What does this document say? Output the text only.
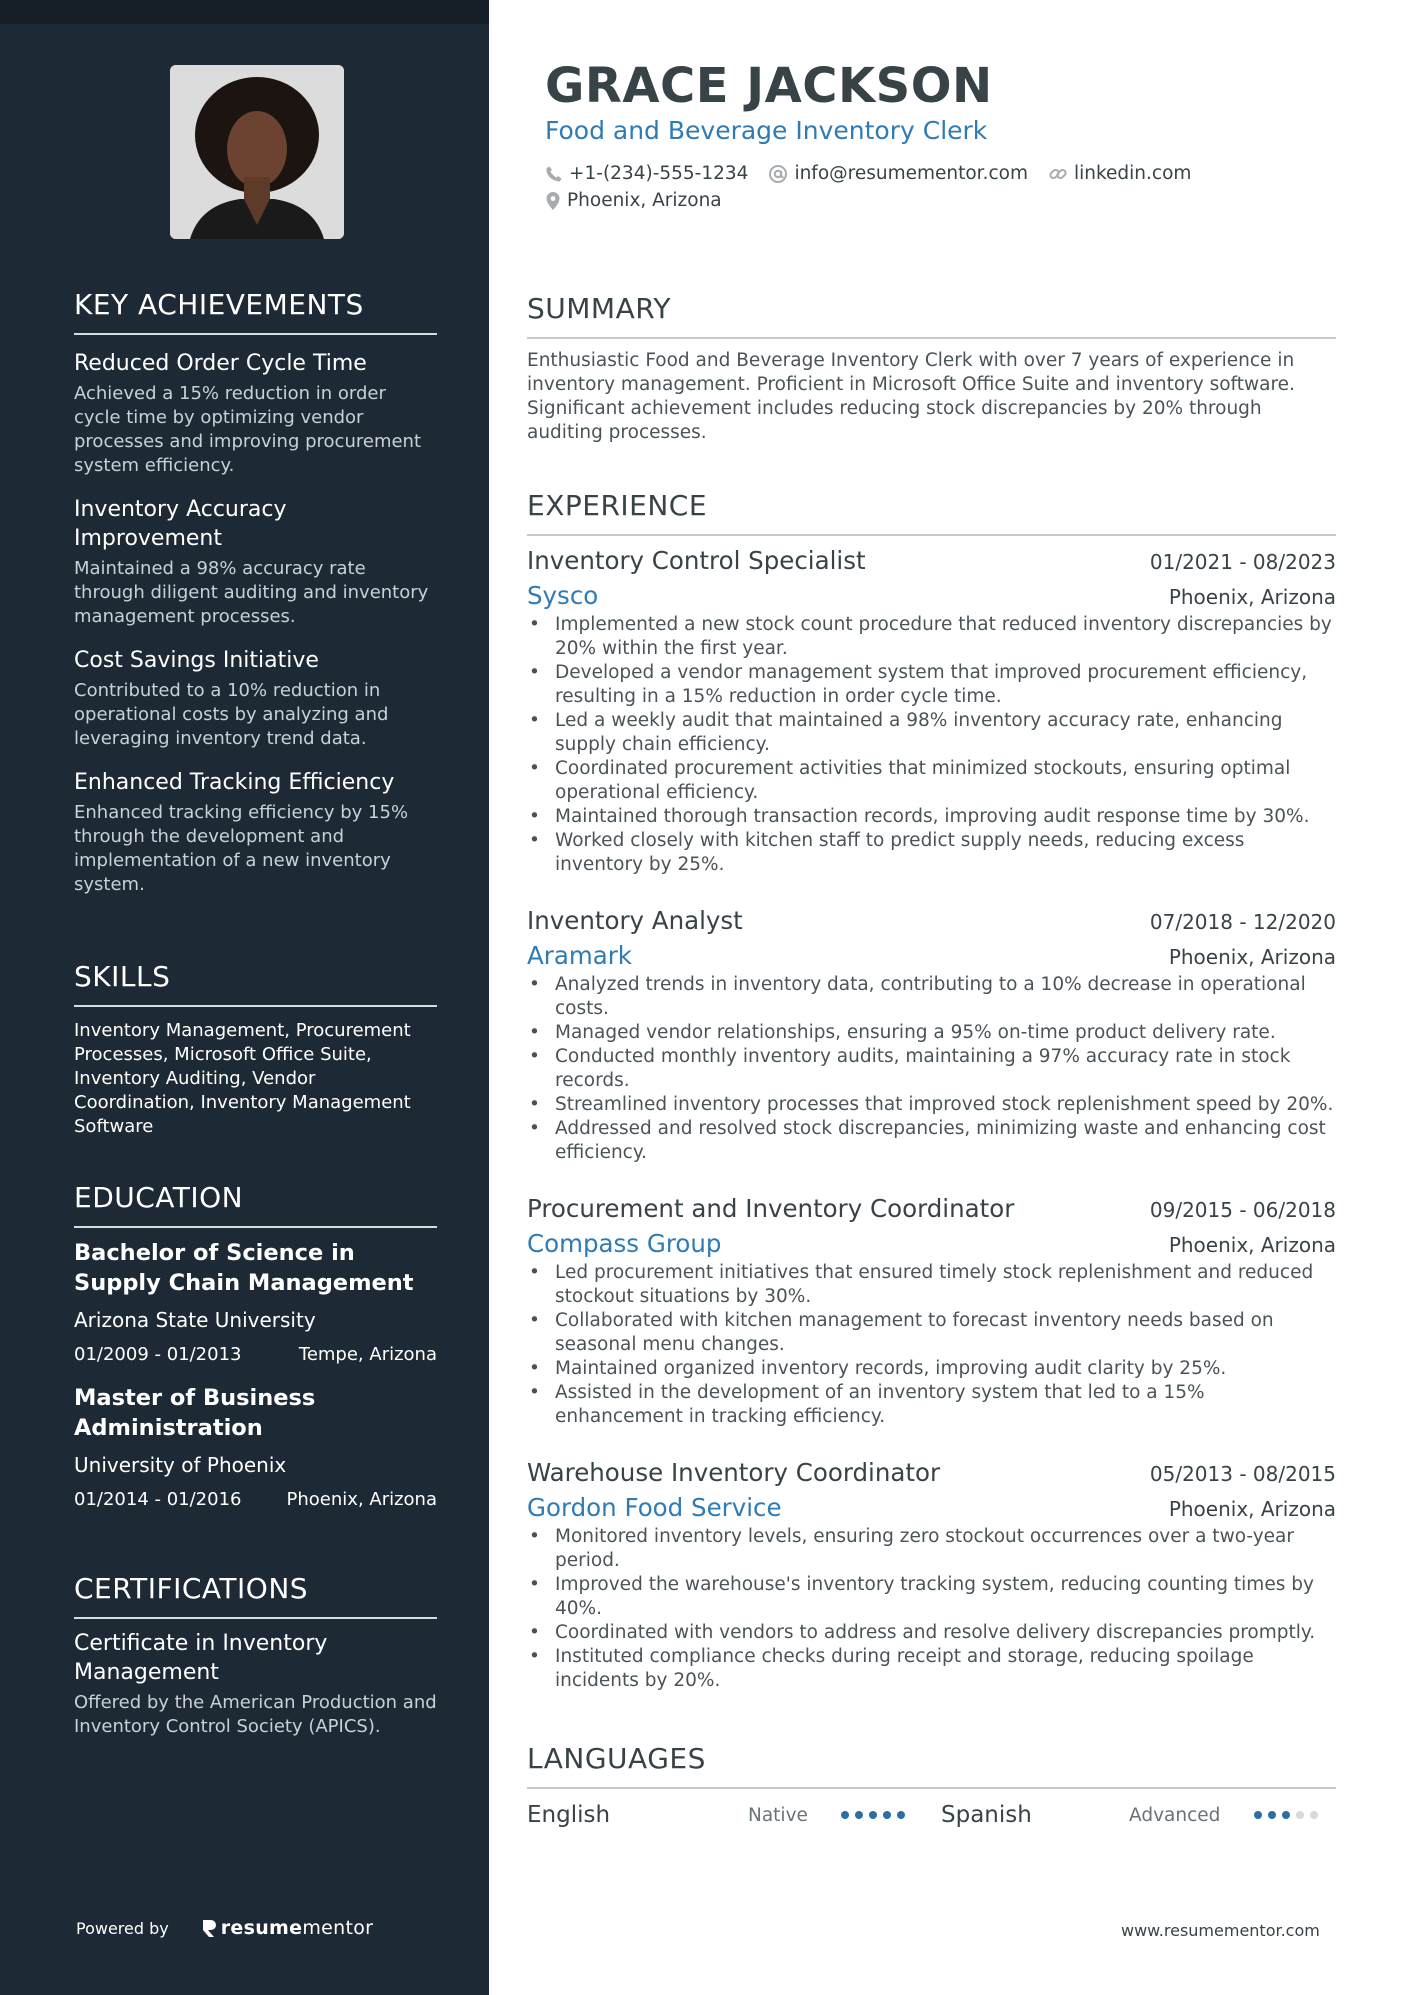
KEY ACHIEVEMENTS
Reduced Order Cycle Time
Achieved a 15% reduction in order cycle time by optimizing vendor processes and improving procurement system efficiency.
Inventory Accuracy Improvement
Maintained a 98% accuracy rate through diligent auditing and inventory management processes.
Cost Savings Initiative
Contributed to a 10% reduction in operational costs by analyzing and leveraging inventory trend data.
Enhanced Tracking Efficiency
Enhanced tracking efficiency by 15% through the development and implementation of a new inventory system.
SKILLS
Inventory Management, Procurement Processes, Microsoft Office Suite, Inventory Auditing, Vendor Coordination, Inventory Management Software
EDUCATION
Bachelor of Science in Supply Chain Management
Arizona State University
01/2009 - 01/2013	Tempe, Arizona
Master of Business Administration
University of Phoenix
01/2014 - 01/2016	Phoenix, Arizona
CERTIFICATIONS
Certificate in Inventory Management
Offered by the American Production and Inventory Control Society (APICS).
Powered by	resume mentor
GRACE JACKSON
Food and Beverage Inventory Clerk
+1-(234)-555-1234 info@resumementor.com linkedin.com
Phoenix, Arizona
SUMMARY
Enthusiastic Food and Beverage Inventory Clerk with over 7 years of experience in inventory management. Proficient in Microsoft Office Suite and inventory software. Significant achievement includes reducing stock discrepancies by 20% through auditing processes.
EXPERIENCE
Inventory Control Specialist	01/2021 - 08/2023
Sysco	Phoenix, Arizona
• Implemented a new stock count procedure that reduced inventory discrepancies by 20% within the first year.
• Developed a vendor management system that improved procurement efficiency, resulting in a 15% reduction in order cycle time.
• Led a weekly audit that maintained a 98% inventory accuracy rate, enhancing supply chain efficiency.
• Coordinated procurement activities that minimized stockouts, ensuring optimal operational efficiency.
• Maintained thorough transaction records, improving audit response time by 30%.
• Worked closely with kitchen staff to predict supply needs, reducing excess inventory by 25%.
Inventory Analyst	07/2018 - 12/2020
Aramark	Phoenix, Arizona
• Analyzed trends in inventory data, contributing to a 10% decrease in operational costs.
• Managed vendor relationships, ensuring a 95% on-time product delivery rate.
• Conducted monthly inventory audits, maintaining a 97% accuracy rate in stock records.
• Streamlined inventory processes that improved stock replenishment speed by 20%.
• Addressed and resolved stock discrepancies, minimizing waste and enhancing cost efficiency.
Procurement and Inventory Coordinator	09/2015 - 06/2018
Compass Group	Phoenix, Arizona
• Led procurement initiatives that ensured timely stock replenishment and reduced stockout situations by 30%.
• Collaborated with kitchen management to forecast inventory needs based on seasonal menu changes.
• Maintained organized inventory records, improving audit clarity by 25%.
• Assisted in the development of an inventory system that led to a 15% enhancement in tracking efficiency.
Warehouse Inventory Coordinator	05/2013 - 08/2015
Gordon Food Service	Phoenix, Arizona
• Monitored inventory levels, ensuring zero stockout occurrences over a two-year period.
• Improved the warehouse's inventory tracking system, reducing counting times by 40%.
• Coordinated with vendors to address and resolve delivery discrepancies promptly.
• Instituted compliance checks during receipt and storage, reducing spoilage incidents by 20%.
LANGUAGES
English	Native	Spanish	Advanced
www.resumementor.com
